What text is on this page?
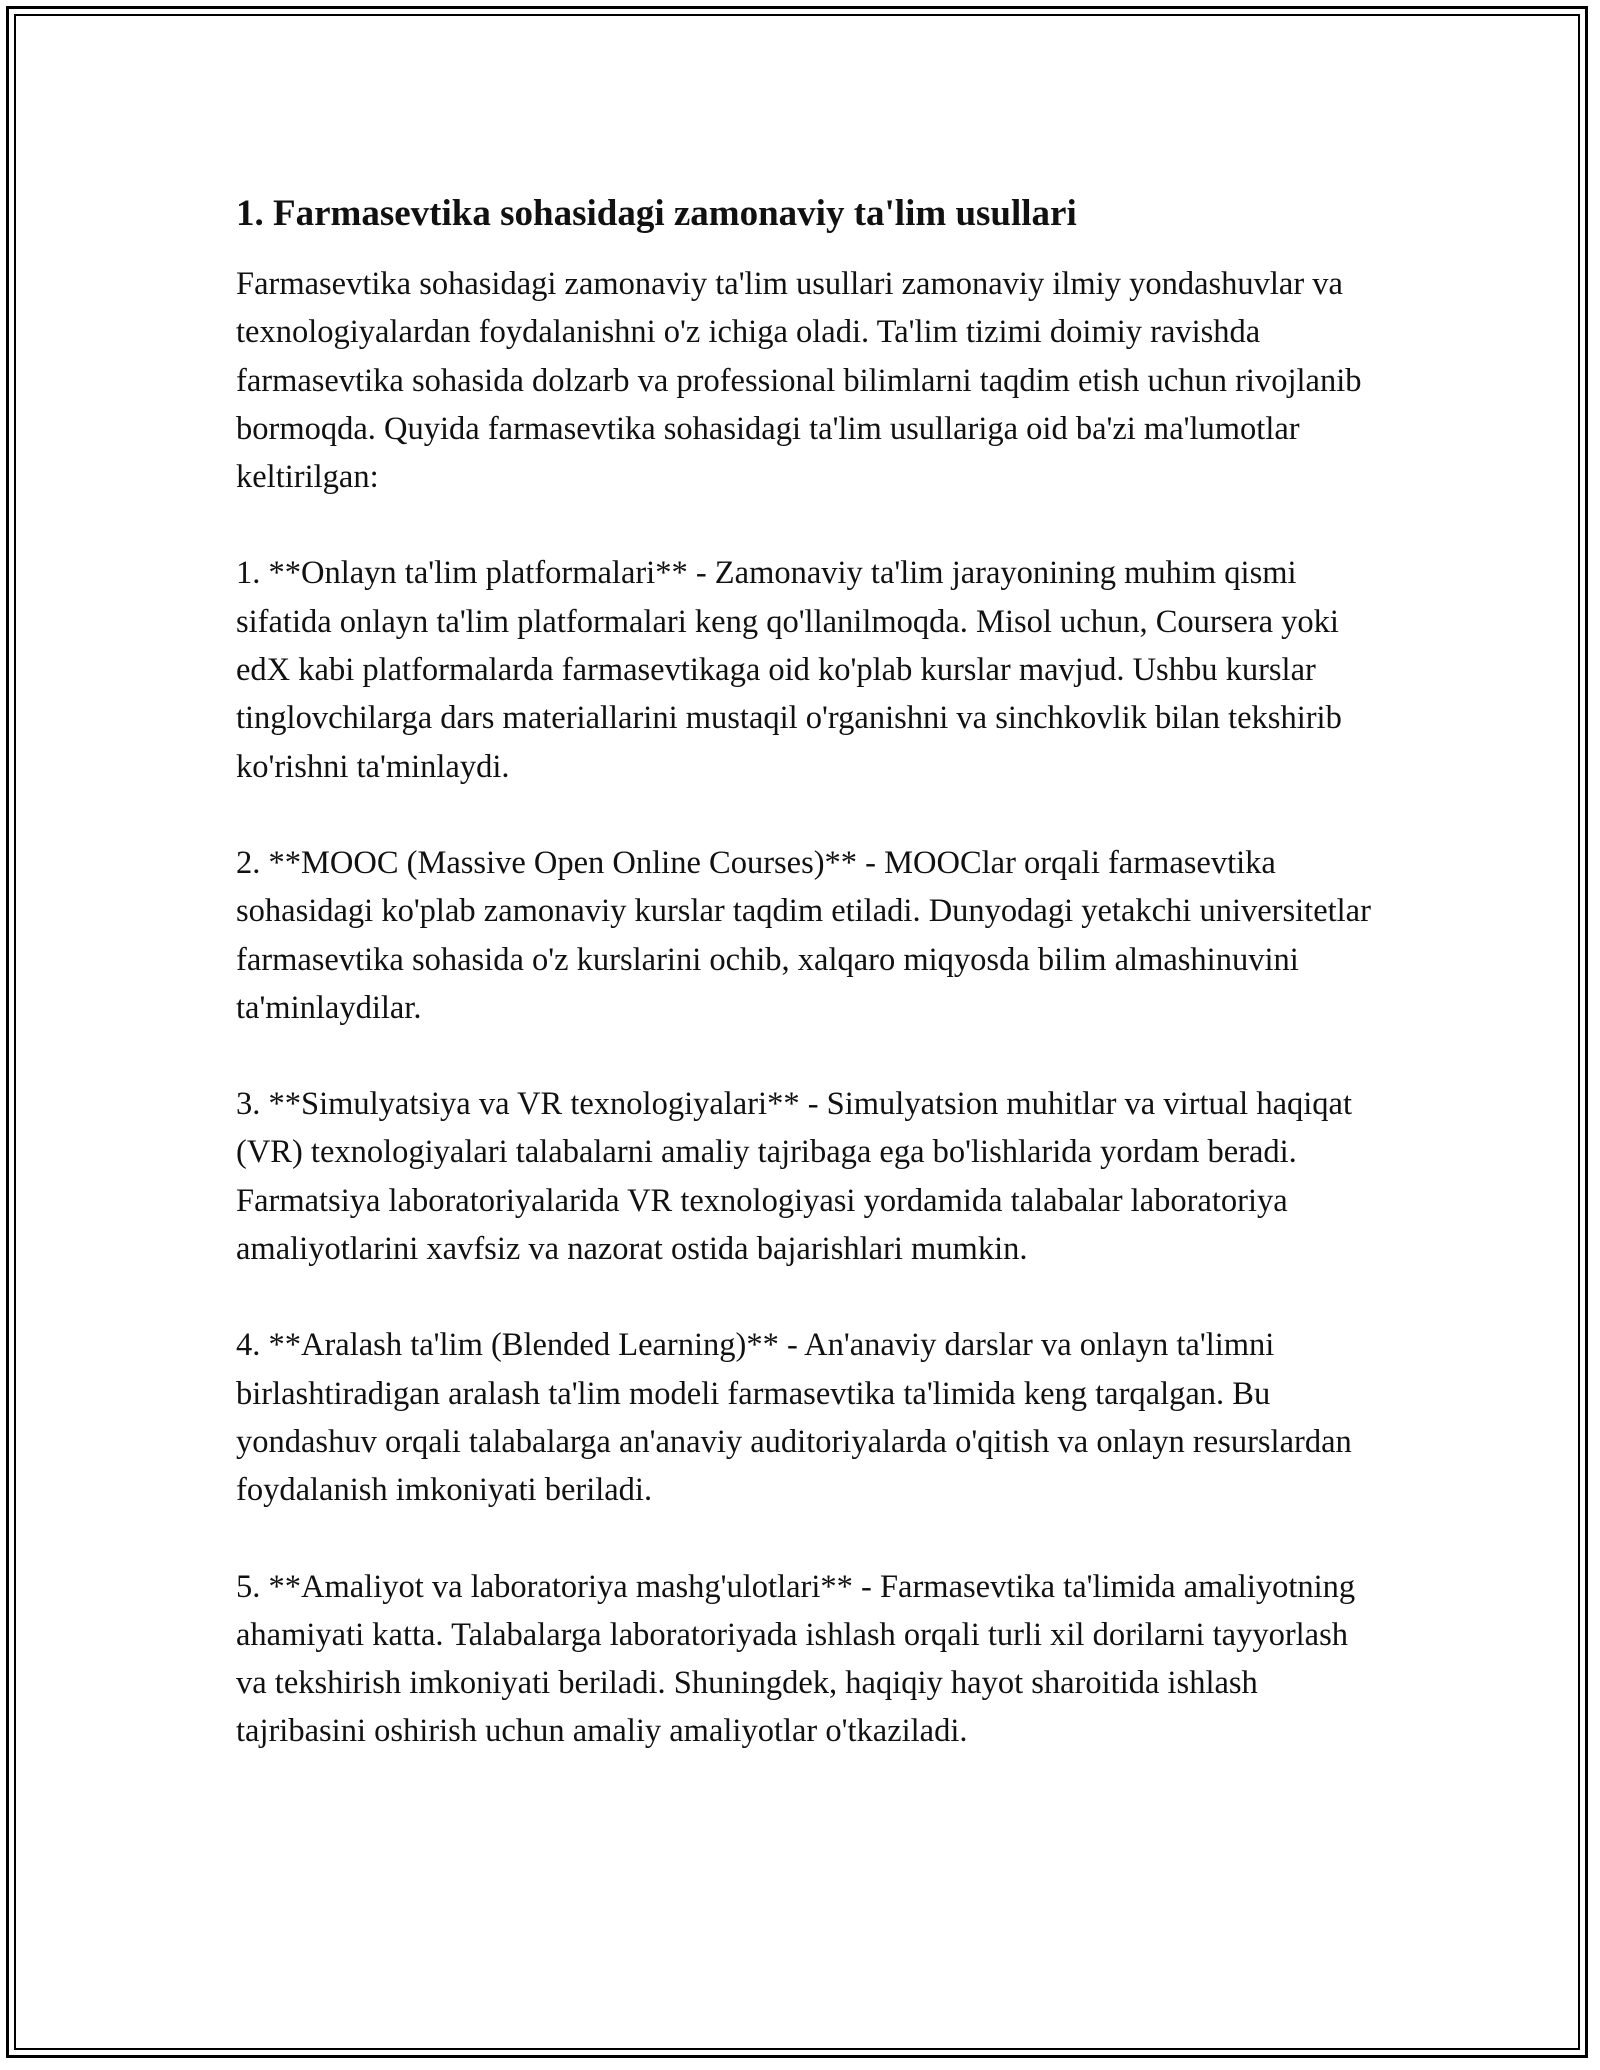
1. Farmasevtika sohasidagi zamonaviy ta'lim usullari

Farmasevtika sohasidagi zamonaviy ta'lim usullari zamonaviy ilmiy yondashuvlar va texnologiyalardan foydalanishni o'z ichiga oladi. Ta'lim tizimi doimiy ravishda farmasevtika sohasida dolzarb va professional bilimlarni taqdim etish uchun rivojlanib bormoqda. Quyida farmasevtika sohasidagi ta'lim usullariga oid ba'zi ma'lumotlar keltirilgan:

1. **Onlayn ta'lim platformalari** - Zamonaviy ta'lim jarayonining muhim qismi sifatida onlayn ta'lim platformalari keng qo'llanilmoqda. Misol uchun, Coursera yoki edX kabi platformalarda farmasevtikaga oid ko'plab kurslar mavjud. Ushbu kurslar tinglovchilarga dars materiallarini mustaqil o'rganishni va sinchkovlik bilan tekshirib ko'rishni ta'minlaydi.

2. **MOOC (Massive Open Online Courses)** - MOOClar orqali farmasevtika sohasidagi ko'plab zamonaviy kurslar taqdim etiladi. Dunyodagi yetakchi universitetlar farmasevtika sohasida o'z kurslarini ochib, xalqaro miqyosda bilim almashinuvini ta'minlaydilar.

3. **Simulyatsiya va VR texnologiyalari** - Simulyatsion muhitlar va virtual haqiqat (VR) texnologiyalari talabalarni amaliy tajribaga ega bo'lishlarida yordam beradi. Farmatsiya laboratoriyalarida VR texnologiyasi yordamida talabalar laboratoriya amaliyotlarini xavfsiz va nazorat ostida bajarishlari mumkin.

4. **Aralash ta'lim (Blended Learning)** - An'anaviy darslar va onlayn ta'limni birlashtiradigan aralash ta'lim modeli farmasevtika ta'limida keng tarqalgan. Bu yondashuv orqali talabalarga an'anaviy auditoriyalarda o'qitish va onlayn resurslardan foydalanish imkoniyati beriladi.

5. **Amaliyot va laboratoriya mashg'ulotlari** - Farmasevtika ta'limida amaliyotning ahamiyati katta. Talabalarga laboratoriyada ishlash orqali turli xil dorilarni tayyorlash va tekshirish imkoniyati beriladi. Shuningdek, haqiqiy hayot sharoitida ishlash tajribasini oshirish uchun amaliy amaliyotlar o'tkaziladi.
